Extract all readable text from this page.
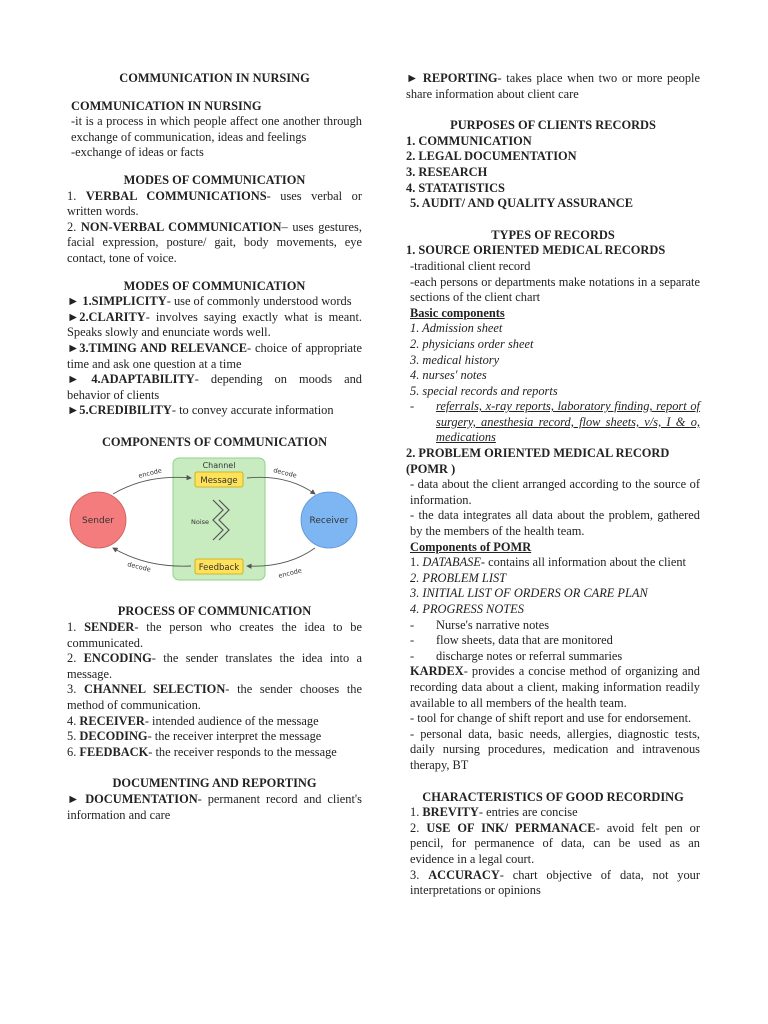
COMMUNICATION IN NURSING

COMMUNICATION IN NURSING

-it is a process in which people affect one another through exchange of communication, ideas and feelings

-exchange of ideas or facts

MODES OF COMMUNICATION

1. VERBAL COMMUNICATIONS- uses verbal or written words.

2. NON-VERBAL COMMUNICATION– uses gestures, facial expression, posture/ gait, body movements, eye contact, tone of voice.

MODES OF COMMUNICATION

► 1.SIMPLICITY- use of commonly understood words

►2.CLARITY- involves saying exactly what is meant. Speaks slowly and enunciate words well.

►3.TIMING AND RELEVANCE- choice of appropriate time and ask one question at a time

► 4.ADAPTABILITY- depending on moods and behavior of clients

►5.CREDIBILITY- to convey accurate information

COMPONENTS OF COMMUNICATION

Channel
Message
Noise
Feedback
Sender	Receiver
encode	decode
decode	encode

PROCESS OF COMMUNICATION

1. SENDER- the person who creates the idea to be communicated.

2. ENCODING- the sender translates the idea into a message.

3. CHANNEL SELECTION- the sender chooses the method of communication.

4. RECEIVER- intended audience of the message

5. DECODING- the receiver interpret the message

6. FEEDBACK- the receiver responds to the message

DOCUMENTING AND REPORTING

► DOCUMENTATION- permanent record and client's information and care

► REPORTING- takes place when two or more people share information about client care

PURPOSES OF CLIENTS RECORDS

1. COMMUNICATION

2. LEGAL DOCUMENTATION

3. RESEARCH

4. STATATISTICS

5. AUDIT/ AND QUALITY ASSURANCE

TYPES OF RECORDS

1. SOURCE ORIENTED MEDICAL RECORDS

-traditional client record

-each persons or departments make notations in a separate sections of the client chart

Basic components

1. Admission sheet

2. physicians order sheet

3. medical history

4. nurses' notes

5. special records and reports

-	referrals, x-ray reports, laboratory finding, report of surgery, anesthesia record, flow sheets, v/s, I & o, medications

2. PROBLEM ORIENTED MEDICAL RECORD (POMR )

- data about the client arranged according to the source of information.

- the data integrates all data about the problem, gathered by the members of the health team.

Components of POMR

1. DATABASE- contains all information about the client

2. PROBLEM LIST

3. INITIAL LIST OF ORDERS OR CARE PLAN

4. PROGRESS NOTES

-	Nurse's narrative notes
-	flow sheets, data that are monitored
-	discharge notes or referral summaries

KARDEX- provides a concise method of organizing and recording data about a client, making information readily available to all members of the health team.

- tool for change of shift report and use for endorsement.

- personal data, basic needs, allergies, diagnostic tests, daily nursing procedures, medication and intravenous therapy, BT

CHARACTERISTICS OF GOOD RECORDING

1. BREVITY- entries are concise

2. USE OF INK/ PERMANACE- avoid felt pen or pencil, for permanence of data, can be used as an evidence in a legal court.

3. ACCURACY- chart objective of data, not your interpretations or opinions
